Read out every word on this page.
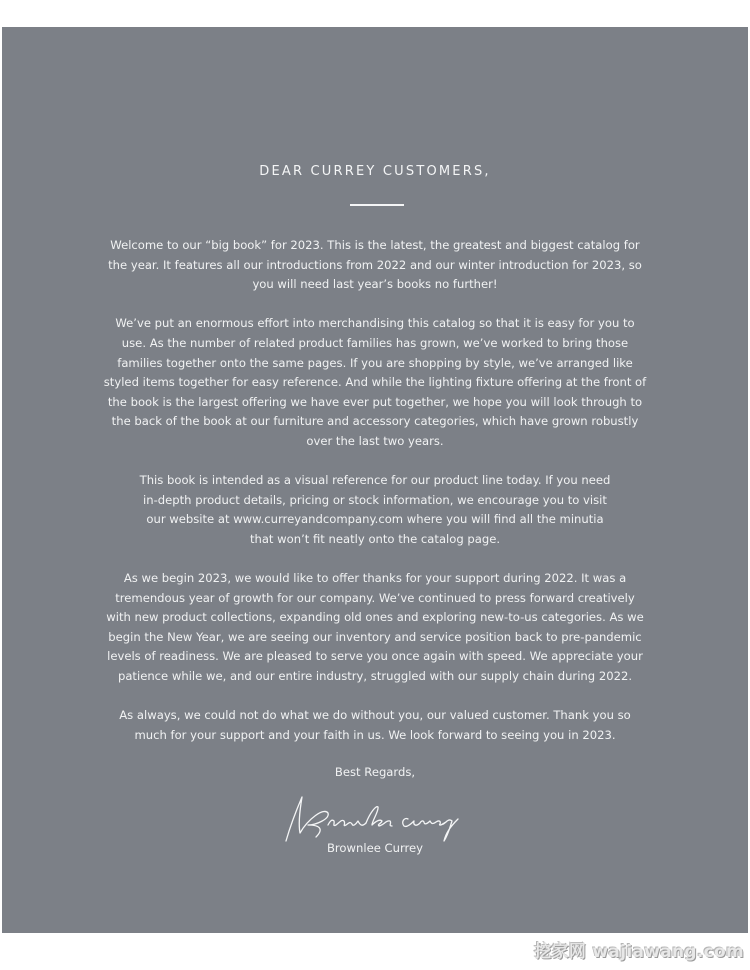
DEAR CURREY CUSTOMERS,

Welcome to our “big book” for 2023. This is the latest, the greatest and biggest catalog for the year. It features all our introductions from 2022 and our winter introduction for 2023, so you will need last year’s books no further!

We’ve put an enormous effort into merchandising this catalog so that it is easy for you to use. As the number of related product families has grown, we’ve worked to bring those families together onto the same pages. If you are shopping by style, we’ve arranged like styled items together for easy reference. And while the lighting fixture offering at the front of the book is the largest offering we have ever put together, we hope you will look through to the back of the book at our furniture and accessory categories, which have grown robustly over the last two years.

This book is intended as a visual reference for our product line today. If you need in-depth product details, pricing or stock information, we encourage you to visit our website at www.curreyandcompany.com where you will find all the minutia that won’t fit neatly onto the catalog page.

As we begin 2023, we would like to offer thanks for your support during 2022. It was a tremendous year of growth for our company. We’ve continued to press forward creatively with new product collections, expanding old ones and exploring new-to-us categories. As we begin the New Year, we are seeing our inventory and service position back to pre-pandemic levels of readiness. We are pleased to serve you once again with speed. We appreciate your patience while we, and our entire industry, struggled with our supply chain during 2022.

As always, we could not do what we do without you, our valued customer. Thank you so much for your support and your faith in us. We look forward to seeing you in 2023.

Best Regards,
Brownlee Currey
挖家网 wajiawang.com
